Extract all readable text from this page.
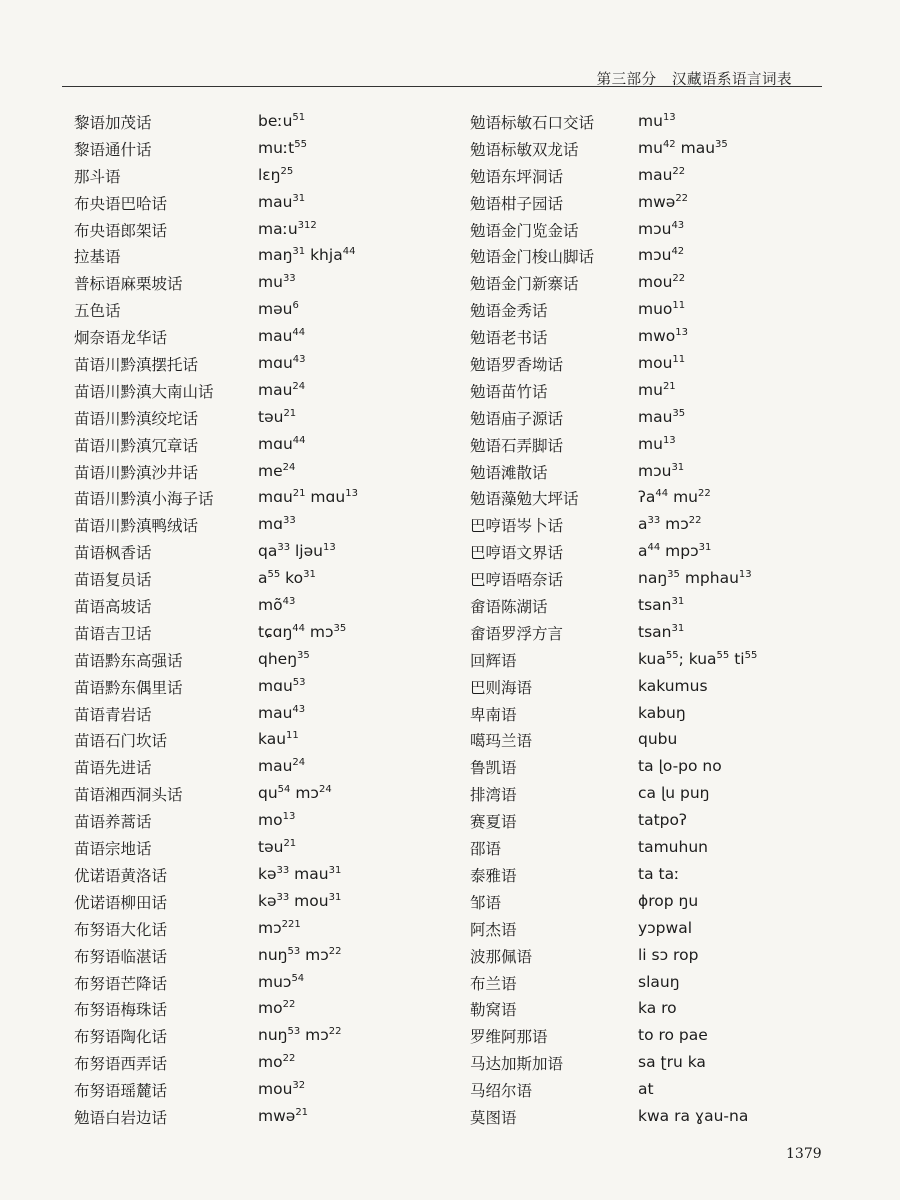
第三部分 汉藏语系语言词表
黎语加茂话	beːu$^{51}$
黎语通什话	muːt$^{55}$
那斗语	lɛŋ$^{25}$
布央语巴哈话	mau$^{31}$
布央语郎架话	maːu$^{312}$
拉基语	maŋ$^{31}$ khja$^{44}$
普标语麻栗坡话	$mu^{33}$
五色话	məu$^6$
炯奈语龙华话	mau$^{44}$
苗语川黔滇摆托话	mɑu$^{43}$
苗语川黔滇大南山话	mau$^{24}$
苗语川黔滇绞坨话	təu$^{21}$
苗语川黔滇冗章话	mɑu$^{44}$
苗语川黔滇沙井话	$me^{24}$
苗语川黔滇小海子话	mɑu$^{21}$ mɑu$^{13}$
苗语川黔滇鸭绒话	mɑ$^{33}$
苗语枫香话	$qa^{33}$ ljəu$^{13}$
苗语复员话	$a^{55}$ $ko^{31}$
苗语高坡话	$mõ^{43}$
苗语吉卫话	tɕɑŋ$^{44}$ mɔ$^{35}$
苗语黔东高强话	qheŋ$^{35}$
苗语黔东偶里话	mɑu$^{53}$
苗语青岩话	mau$^{43}$
苗语石门坎话	kau$^{11}$
苗语先进话	mau$^{24}$
苗语湘西洞头话	$qu^{54}$ mɔ$^{24}$
苗语养蒿话	$mo^{13}$
苗语宗地话	təu$^{21}$
优诺语黄洛话	kə$^{33}$ mau$^{31}$
优诺语柳田话	kə$^{33}$ mou$^{31}$
布努语大化话	mɔ$^{221}$
布努语临湛话	nuŋ$^{53}$ mɔ$^{22}$
布努语芒降话	muɔ$^{54}$
布努语梅珠话	$mo^{22}$
布努语陶化话	nuŋ$^{53}$ mɔ$^{22}$
布努语西弄话	$mo^{22}$
布努语瑶麓话	mou$^{32}$
勉语白岩边话	mwə$^{21}$
勉语标敏石口交话	$mu^{13}$
勉语标敏双龙话	$mu^{42}$ mau$^{35}$
勉语东坪洞话	mau$^{22}$
勉语柑子园话	mwə$^{22}$
勉语金门览金话	mɔu$^{43}$
勉语金门梭山脚话	mɔu$^{42}$
勉语金门新寨话	mou$^{22}$
勉语金秀话	muo$^{11}$
勉语老书话	mwo$^{13}$
勉语罗香坳话	mou$^{11}$
勉语苗竹话	$mu^{21}$
勉语庙子源话	mau$^{35}$
勉语石弄脚话	$mu^{13}$
勉语滩散话	mɔu$^{31}$
勉语藻勉大坪话	ʔa$^{44}$ $mu^{22}$
巴哼语岑卜话	$a^{33}$ mɔ$^{22}$
巴哼语文界话	$a^{44}$ mpɔ$^{31}$
巴哼语唔奈话	naŋ$^{35}$ mphau$^{13}$
畲语陈湖话	tsan$^{31}$
畲语罗浮方言	tsan$^{31}$
回辉语	kua$^{55}$; kua$^{55}$ $ti^{55}$
巴则海语	kakumus
卑南语	kabuŋ
噶玛兰语	qubu
鲁凯语	ta ɭo-po no
排湾语	ca ɭu puŋ
赛夏语	tatpoʔ
邵语	tamuhun
泰雅语	ta taː
邹语	ɸrop ŋu
阿杰语	yɔpwal
波那佩语	li sɔ rop
布兰语	slauŋ
勒窝语	ka ro
罗维阿那语	to ro pae
马达加斯加语	sa ʈru ka
马绍尔语	at
莫图语	kwa ra ɣau-na
1379
